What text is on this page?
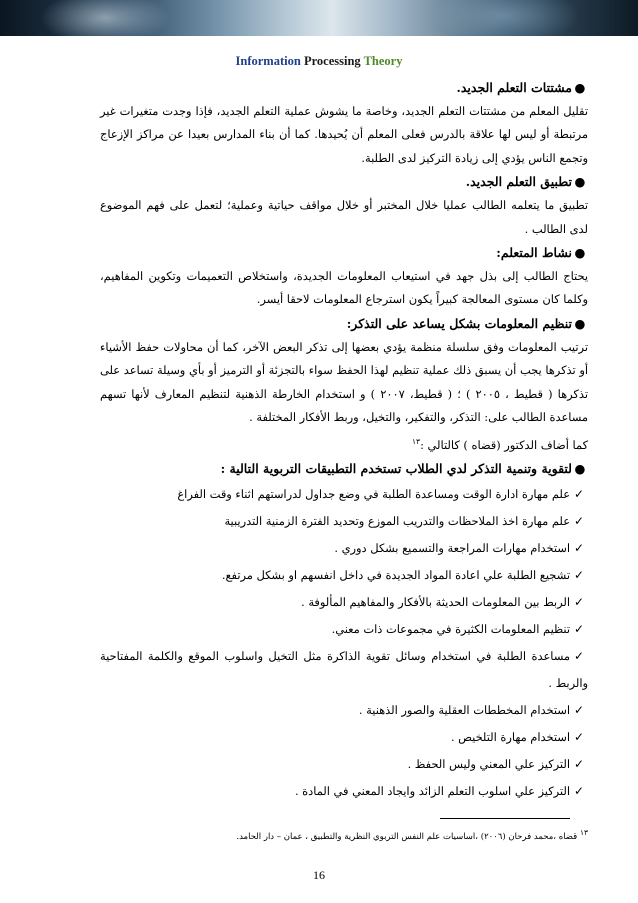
Information Processing Theory

●مشتتات التعلم الجديد.

تقليل المعلم من مشتتات التعلم الجديد، وخاصة ما يشوش عملية التعلم الجديد، فإذا وجدت متغيرات غير مرتبطة أو ليس لها علاقة بالدرس فعلى المعلم أن يُحيدها. كما أن بناء المدارس بعيدا عن مراكز الإزعاج وتجمع الناس يؤدي إلى زيادة التركيز لدى الطلبة.

●تطبيق التعلم الجديد.

تطبيق ما يتعلمه الطالب عمليا خلال المختبر أو خلال مواقف حياتية وعملية؛ لتعمل على فهم الموضوع لدى الطالب .

●نشاط المتعلم:

يحتاج الطالب إلى بذل جهد في استيعاب المعلومات الجديدة، واستخلاص التعميمات وتكوين المفاهيم، وكلما كان مستوى المعالجة كبيراً يكون استرجاع المعلومات لاحقا أيسر.

●تنظيم المعلومات بشكل يساعد على التذكر:

ترتيب المعلومات وفق سلسلة منظمة يؤدي بعضها إلى تذكر البعض الآخر، كما أن محاولات حفظ الأشياء أو تذكرها يجب أن يسبق ذلك عملية تنظيم لهذا الحفظ سواء بالتجزئة أو الترميز أو بأي وسيلة تساعد على تذكرها ( قطيط ، ٢٠٠٥ ) ؛ ( قطيط، ٢٠٠٧ ) و استخدام الخارطة الذهنية لتنظيم المعارف لأنها تسهم مساعدة الطالب على: التذكر، والتفكير، والتخيل، وربط الأفكار المختلفة .

كما أضاف الدكتور (قضاه ) كالتالي :$^{١٣}$

●لتقوية وتنمية التذكر لدي الطلاب تستخدم التطبيقات التربوية التالية :

✓علم مهارة ادارة الوقت ومساعدة الطلبة في وضع جداول لدراستهم اثناء وقت الفراغ
✓علم مهارة اخذ الملاحظات والتدريب الموزع وتحديد الفترة الزمنية التدريبية
✓استخدام مهارات المراجعة والتسميع بشكل دوري .
✓تشجيع الطلبة علي اعادة المواد الجديدة في داخل انفسهم او بشكل مرتفع.
✓الربط بين المعلومات الحديثة بالأفكار والمفاهيم المألوفة .
✓تنظيم المعلومات الكثيرة في مجموعات ذات معني.
✓مساعدة الطلبة في استخدام وسائل تقوية الذاكرة مثل التخيل واسلوب الموقع والكلمة المفتاحية والربط .
✓استخدام المخططات العقلية والصور الذهنية .
✓استخدام مهارة التلخيص .
✓التركيز علي المعني وليس الحفظ .
✓التركيز علي اسلوب التعلم الزائد وايجاد المعني في المادة .
١٣ قضاه ،محمد فرحان (٢٠٠٦) ،اساسيات علم النفس التربوي النظرية والتطبيق ، عمان – دار الحامد.
16
